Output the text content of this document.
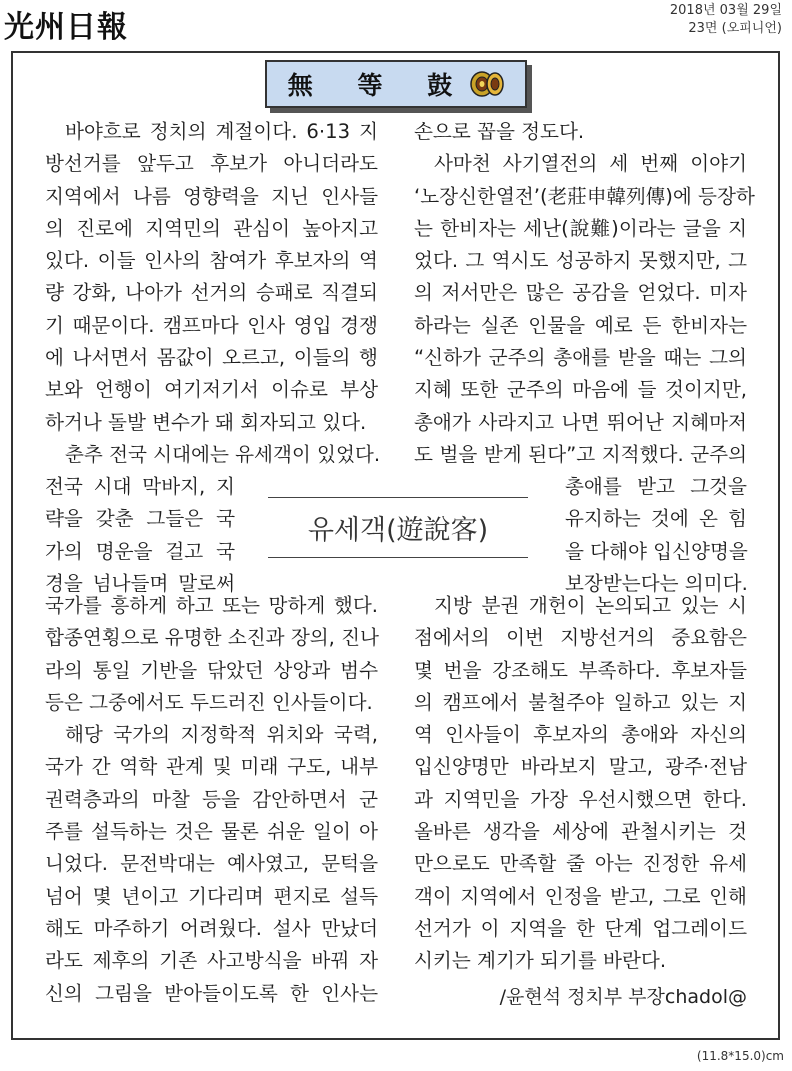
光州日報	2018년 03월 29일
23면 (오피니언)
無 等 鼓

바야흐로 정치의 계절이다. 6·13 지

방선거를 앞두고 후보가 아니더라도

지역에서 나름 영향력을 지닌 인사들

의 진로에 지역민의 관심이 높아지고

있다. 이들 인사의 참여가 후보자의 역

량 강화, 나아가 선거의 승패로 직결되

기 때문이다. 캠프마다 인사 영입 경쟁

에 나서면서 몸값이 오르고, 이들의 행

보와 언행이 여기저기서 이슈로 부상

하거나 돌발 변수가 돼 회자되고 있다.

춘추 전국 시대에는 유세객이 있었다.

전국 시대 막바지, 지

략을 갖춘 그들은 국

가의 명운을 걸고 국

경을 넘나들며 말로써

국가를 흥하게 하고 또는 망하게 했다.

합종연횡으로 유명한 소진과 장의, 진나

라의 통일 기반을 닦았던 상앙과 범수

등은 그중에서도 두드러진 인사들이다.

해당 국가의 지정학적 위치와 국력,

국가 간 역학 관계 및 미래 구도, 내부

권력층과의 마찰 등을 감안하면서 군

주를 설득하는 것은 물론 쉬운 일이 아

니었다. 문전박대는 예사였고, 문턱을

넘어 몇 년이고 기다리며 편지로 설득

해도 마주하기 어려웠다. 설사 만났더

라도 제후의 기존 사고방식을 바꿔 자

신의 그림을 받아들이도록 한 인사는

손으로 꼽을 정도다.

사마천 사기열전의 세 번째 이야기

‘노장신한열전’(老莊申韓列傳)에 등장하

는 한비자는 세난(說難)이라는 글을 지

었다. 그 역시도 성공하지 못했지만, 그

의 저서만은 많은 공감을 얻었다. 미자

하라는 실존 인물을 예로 든 한비자는

“신하가 군주의 총애를 받을 때는 그의

지혜 또한 군주의 마음에 들 것이지만,

총애가 사라지고 나면 뛰어난 지혜마저

도 벌을 받게 된다”고 지적했다. 군주의

유세객(遊說客)

총애를 받고 그것을

유지하는 것에 온 힘

을 다해야 입신양명을

보장받는다는 의미다.

지방 분권 개헌이 논의되고 있는 시

점에서의 이번 지방선거의 중요함은

몇 번을 강조해도 부족하다. 후보자들

의 캠프에서 불철주야 일하고 있는 지

역 인사들이 후보자의 총애와 자신의

입신양명만 바라보지 말고, 광주·전남

과 지역민을 가장 우선시했으면 한다.

올바른 생각을 세상에 관철시키는 것

만으로도 만족할 줄 아는 진정한 유세

객이 지역에서 인정을 받고, 그로 인해

선거가 이 지역을 한 단계 업그레이드

시키는 계기가 되기를 바란다.

/윤현석 정치부 부장chadol@
(11.8*15.0)cm
